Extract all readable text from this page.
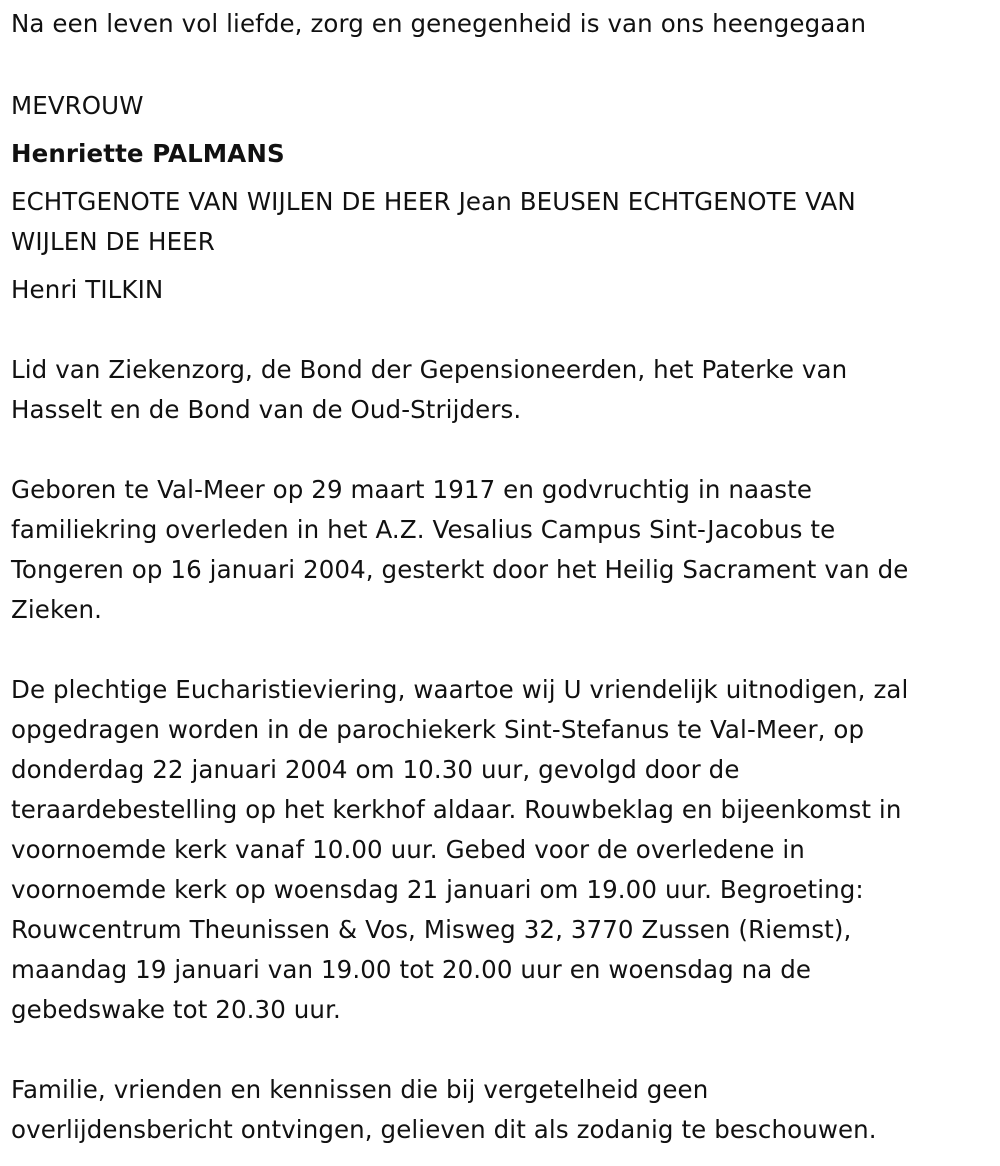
Na een leven vol liefde, zorg en genegenheid is van ons heengegaan
MEVROUW
Henriette PALMANS
ECHTGENOTE VAN WIJLEN DE HEER Jean BEUSEN ECHTGENOTE VAN
WIJLEN DE HEER
Henri TILKIN
Lid van Ziekenzorg, de Bond der Gepensioneerden, het Paterke van
Hasselt en de Bond van de Oud-Strijders.
Geboren te Val-Meer op 29 maart 1917 en godvruchtig in naaste
familiekring overleden in het A.Z. Vesalius Campus Sint-Jacobus te
Tongeren op 16 januari 2004, gesterkt door het Heilig Sacrament van de
Zieken.
De plechtige Eucharistieviering, waartoe wij U vriendelijk uitnodigen, zal
opgedragen worden in de parochiekerk Sint-Stefanus te Val-Meer, op
donderdag 22 januari 2004 om 10.30 uur, gevolgd door de
teraardebestelling op het kerkhof aldaar. Rouwbeklag en bijeenkomst in
voornoemde kerk vanaf 10.00 uur. Gebed voor de overledene in
voornoemde kerk op woensdag 21 januari om 19.00 uur. Begroeting:
Rouwcentrum Theunissen & Vos, Misweg 32, 3770 Zussen (Riemst),
maandag 19 januari van 19.00 tot 20.00 uur en woensdag na de
gebedswake tot 20.30 uur.
Familie, vrienden en kennissen die bij vergetelheid geen
overlijdensbericht ontvingen, gelieven dit als zodanig te beschouwen.
